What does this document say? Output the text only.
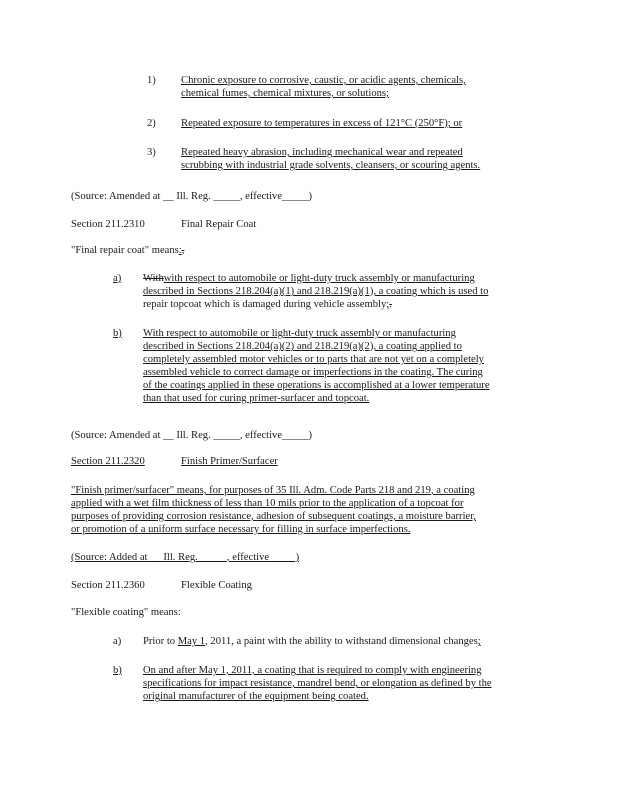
1) Chronic exposure to corrosive, caustic, or acidic agents, chemicals,
chemical fumes, chemical mixtures, or solutions;
2) Repeated exposure to temperatures in excess of 121°C (250°F); or
3) Repeated heavy abrasion, including mechanical wear and repeated
scrubbing with industrial grade solvents, cleansers, or scouring agents.
(Source: Amended at __ Ill. Reg. _____, effective_____)
Section 211.2310	Final Repair Coat
"Final repair coat" means:,
a) Withwith respect to automobile or light-duty truck assembly or manufacturing
described in Sections 218.204(a)(1) and 218.219(a)(1), a coating which is used to
repair topcoat which is damaged during vehicle assembly;.
b) With respect to automobile or light-duty truck assembly or manufacturing
described in Sections 218.204(a)(2) and 218.219(a)(2), a coating applied to
completely assembled motor vehicles or to parts that are not yet on a completely
assembled vehicle to correct damage or imperfections in the coating. The curing
of the coatings applied in these operations is accomplished at a lower temperature
than that used for curing primer-surfacer and topcoat.
(Source: Amended at __ Ill. Reg. _____, effective_____)
Section 211.2320	Finish Primer/Surfacer
"Finish primer/surfacer" means, for purposes of 35 Ill. Adm. Code Parts 218 and 219, a coating
applied with a wet film thickness of less than 10 mils prior to the application of a topcoat for
purposes of providing corrosion resistance, adhesion of subsequent coatings, a moisture barrier,
or promotion of a uniform surface necessary for filling in surface imperfections.
(Source: Added at __ Ill. Reg. _____, effective_____)
Section 211.2360	Flexible Coating
"Flexible coating" means:
a) Prior to May 1, 2011, a paint with the ability to withstand dimensional changes;
b) On and after May 1, 2011, a coating that is required to comply with engineering
specifications for impact resistance, mandrel bend, or elongation as defined by the
original manufacturer of the equipment being coated.
